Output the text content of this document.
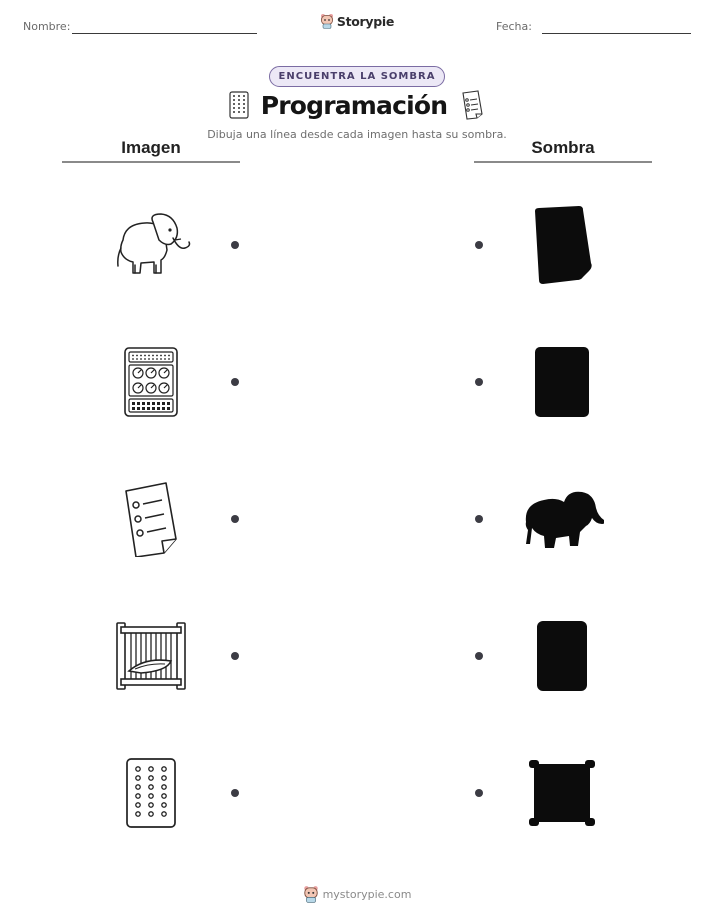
Nombre:	Fecha:
Storypie
ENCUENTRA LA SOMBRA
Programación
Dibuja una línea desde cada imagen hasta su sombra.
Imagen	Sombra
mystorypie.com
